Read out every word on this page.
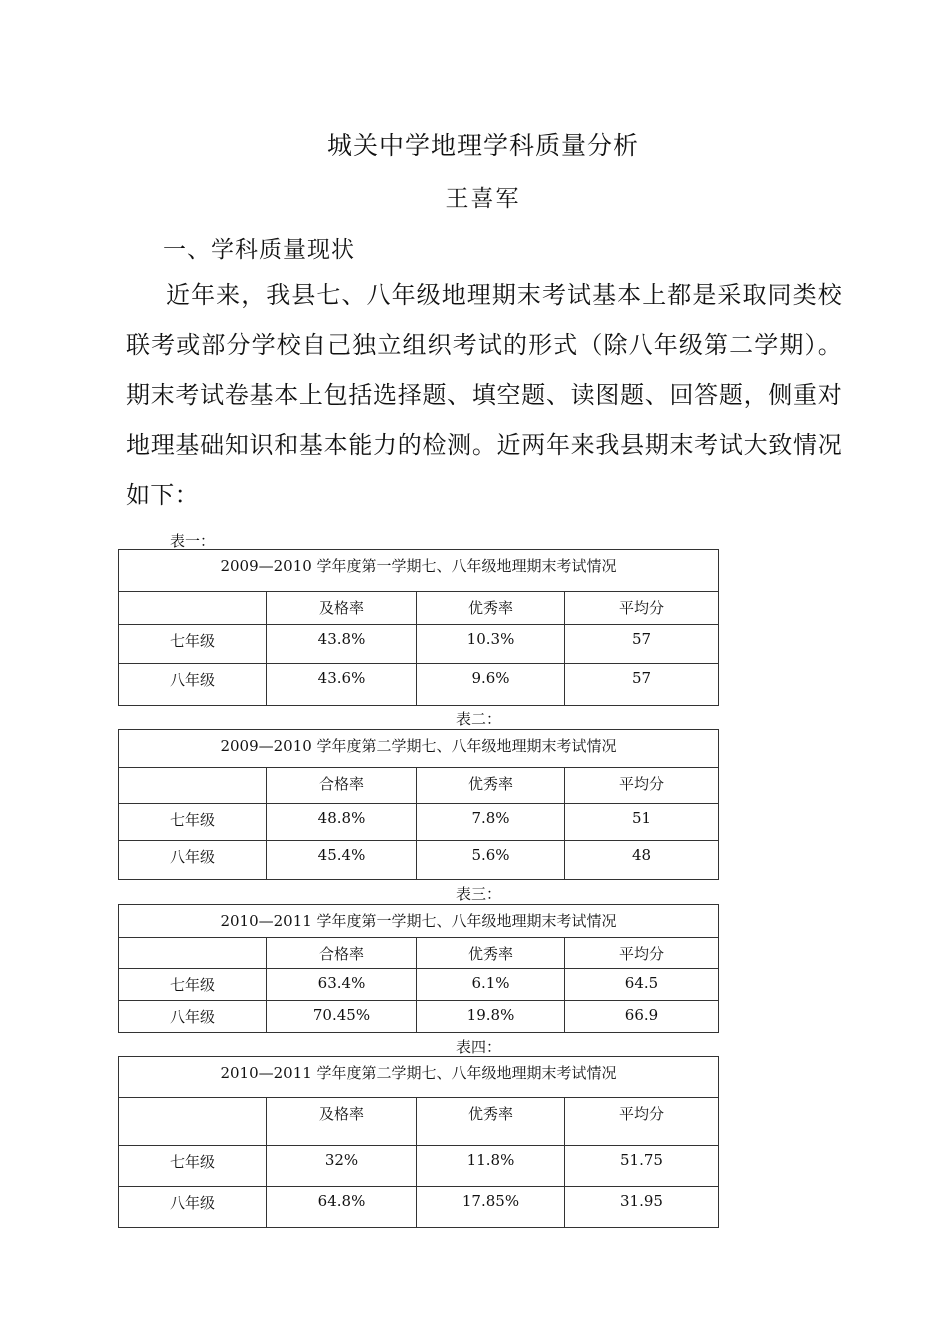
城关中学地理学科质量分析
王喜军
一、学科质量现状

近年来，我县七、八年级地理期末考试基本上都是采取同类校联考或部分学校自己独立组织考试的形式（除八年级第二学期）。期末考试卷基本上包括选择题、填空题、读图题、回答题，侧重对地理基础知识和基本能力的检测。近两年来我县期末考试大致情况如下：

表一：
2009—2010 学年度第一学期七、八年级地理期末考试情况			
	及格率	优秀率	平均分
七年级	43.8%	10.3%	57
八年级	43.6%	9.6%	57
表二：
2009—2010 学年度第二学期七、八年级地理期末考试情况			
	合格率	优秀率	平均分
七年级	48.8%	7.8%	51
八年级	45.4%	5.6%	48
表三：
2010—2011 学年度第一学期七、八年级地理期末考试情况			
	合格率	优秀率	平均分
七年级	63.4%	6.1%	64.5
八年级	70.45%	19.8%	66.9
表四：
2010—2011 学年度第二学期七、八年级地理期末考试情况			
	及格率	优秀率	平均分
七年级	32%	11.8%	51.75
八年级	64.8%	17.85%	31.95
